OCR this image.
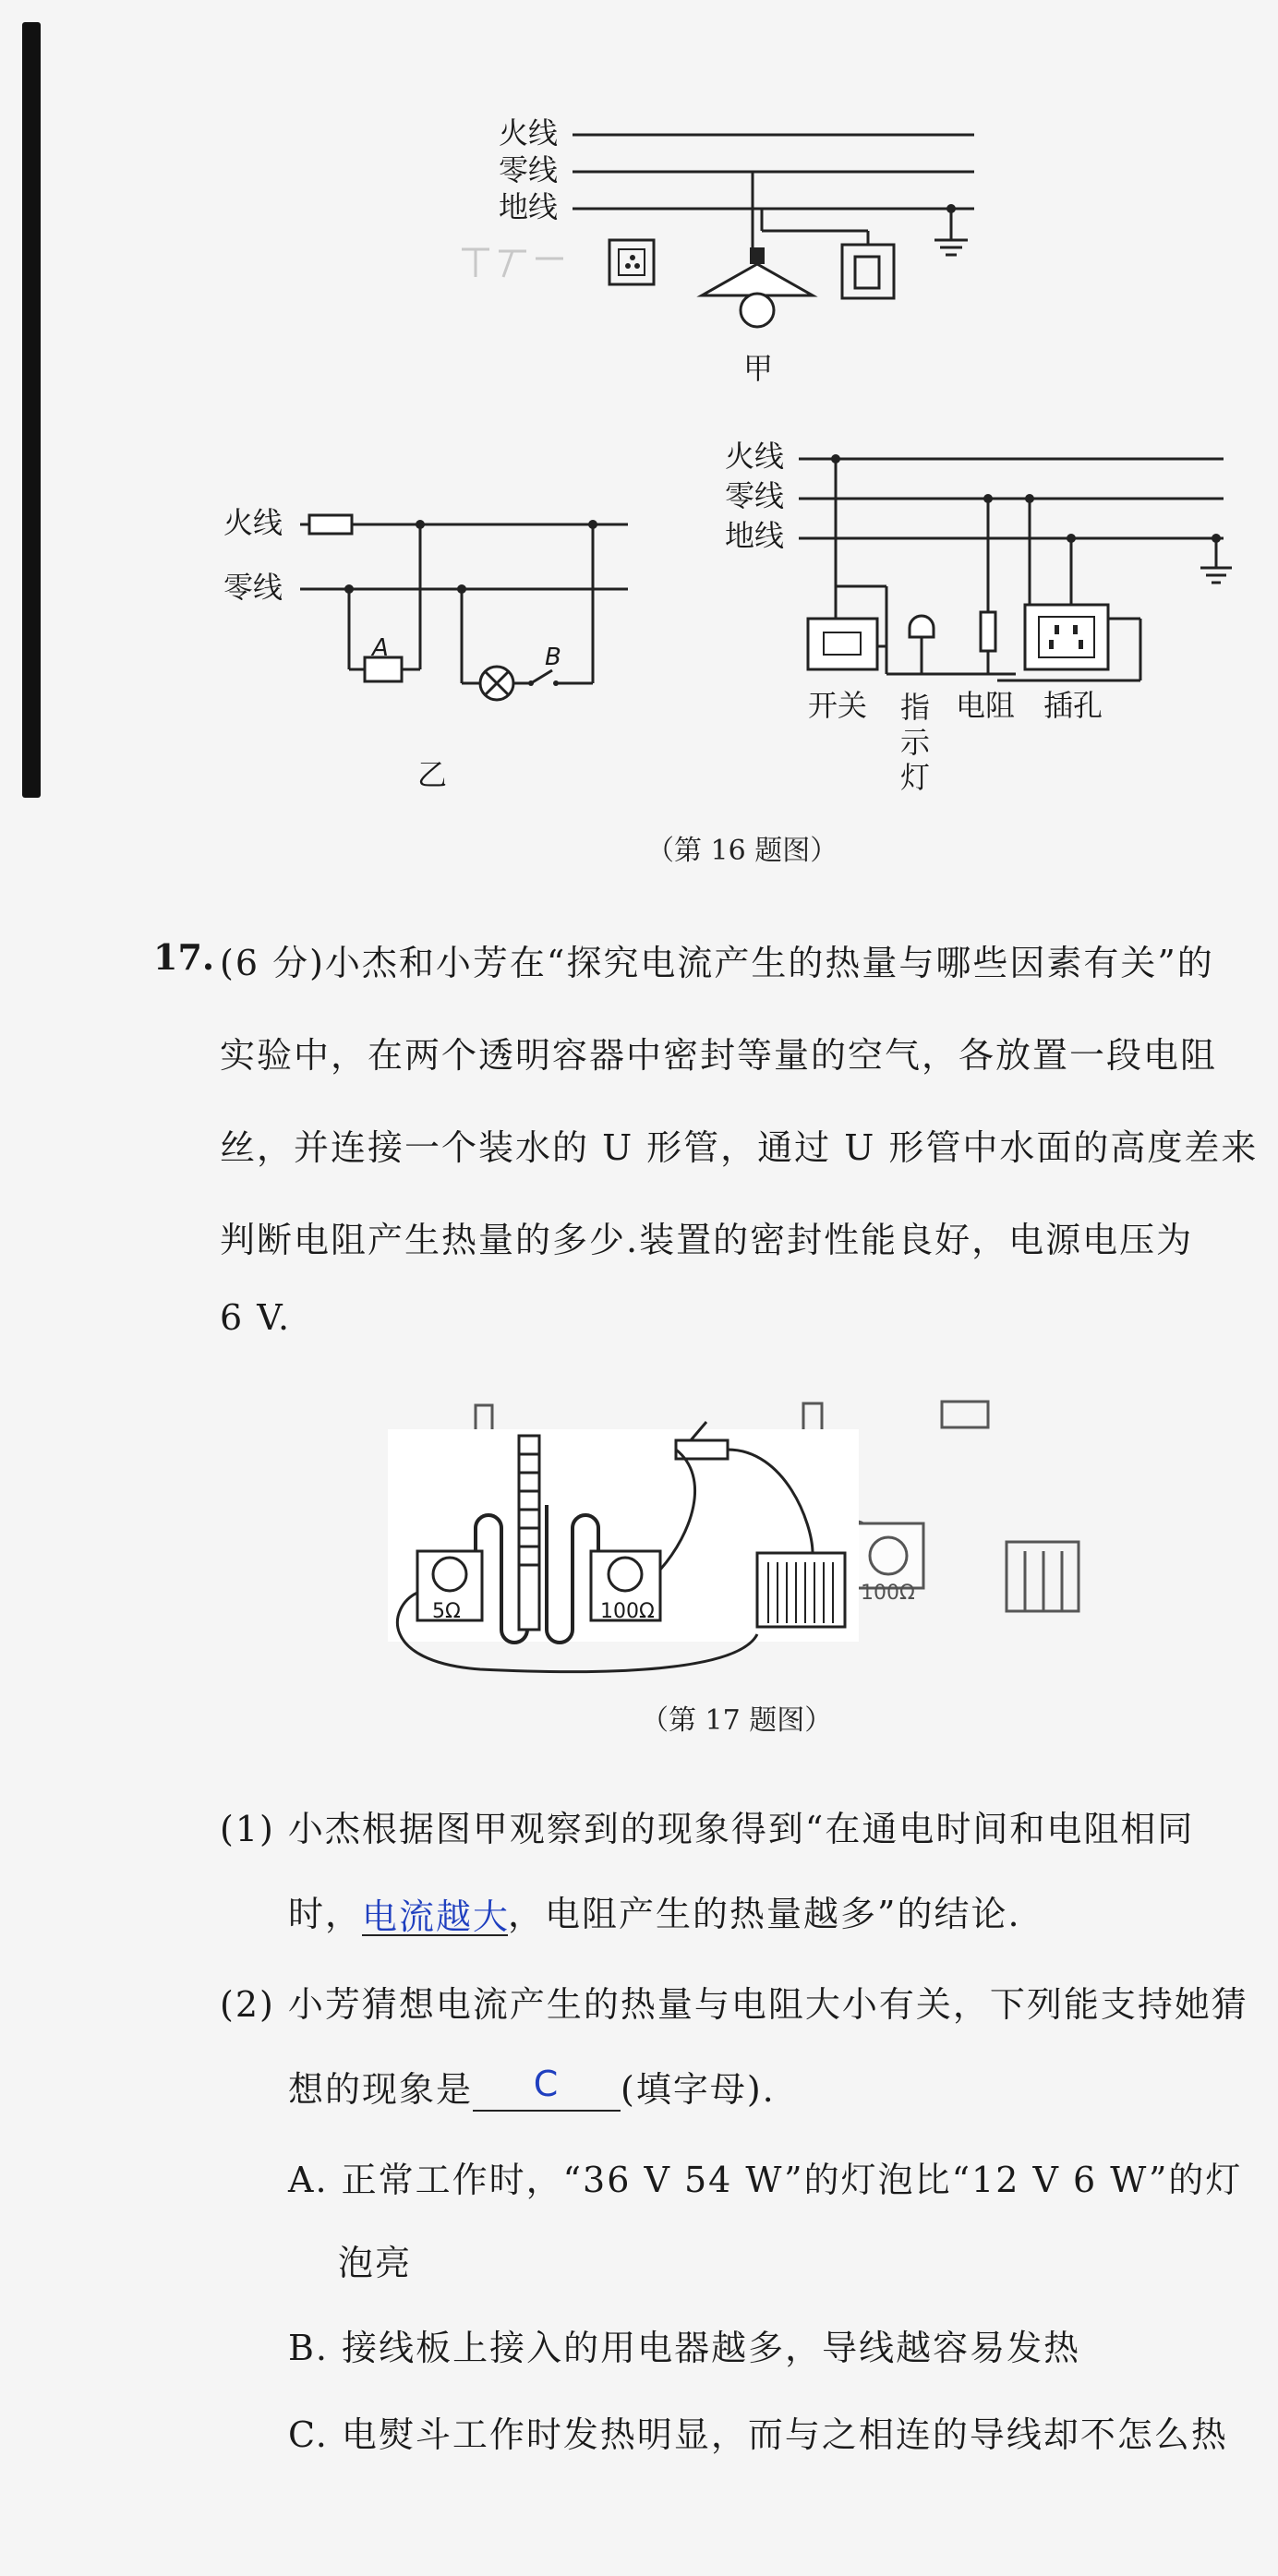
火线
零线
地线
甲
火线
零线
A	B
乙
火线
零线
地线
开关 指示灯
电阻 插孔
（第 16 题图）
17. (6 分)小杰和小芳在“探究电流产生的热量与哪些因素有关”的
实验中，在两个透明容器中密封等量的空气，各放置一段电阻
丝，并连接一个装水的 U 形管，通过 U 形管中水面的高度差来
判断电阻产生热量的多少.装置的密封性能良好，电源电压为
6 V.
100Ω
5Ω	100Ω
（第 17 题图）
(1) 小杰根据图甲观察到的现象得到“在通电时间和电阻相同
时，电流越大，电阻产生的热量越多”的结论.
(2) 小芳猜想电流产生的热量与电阻大小有关，下列能支持她猜
想的现象是 C (填字母).
A. 正常工作时，“36 V 54 W”的灯泡比“12 V 6 W”的灯
泡亮
B. 接线板上接入的用电器越多，导线越容易发热
C. 电熨斗工作时发热明显，而与之相连的导线却不怎么热
